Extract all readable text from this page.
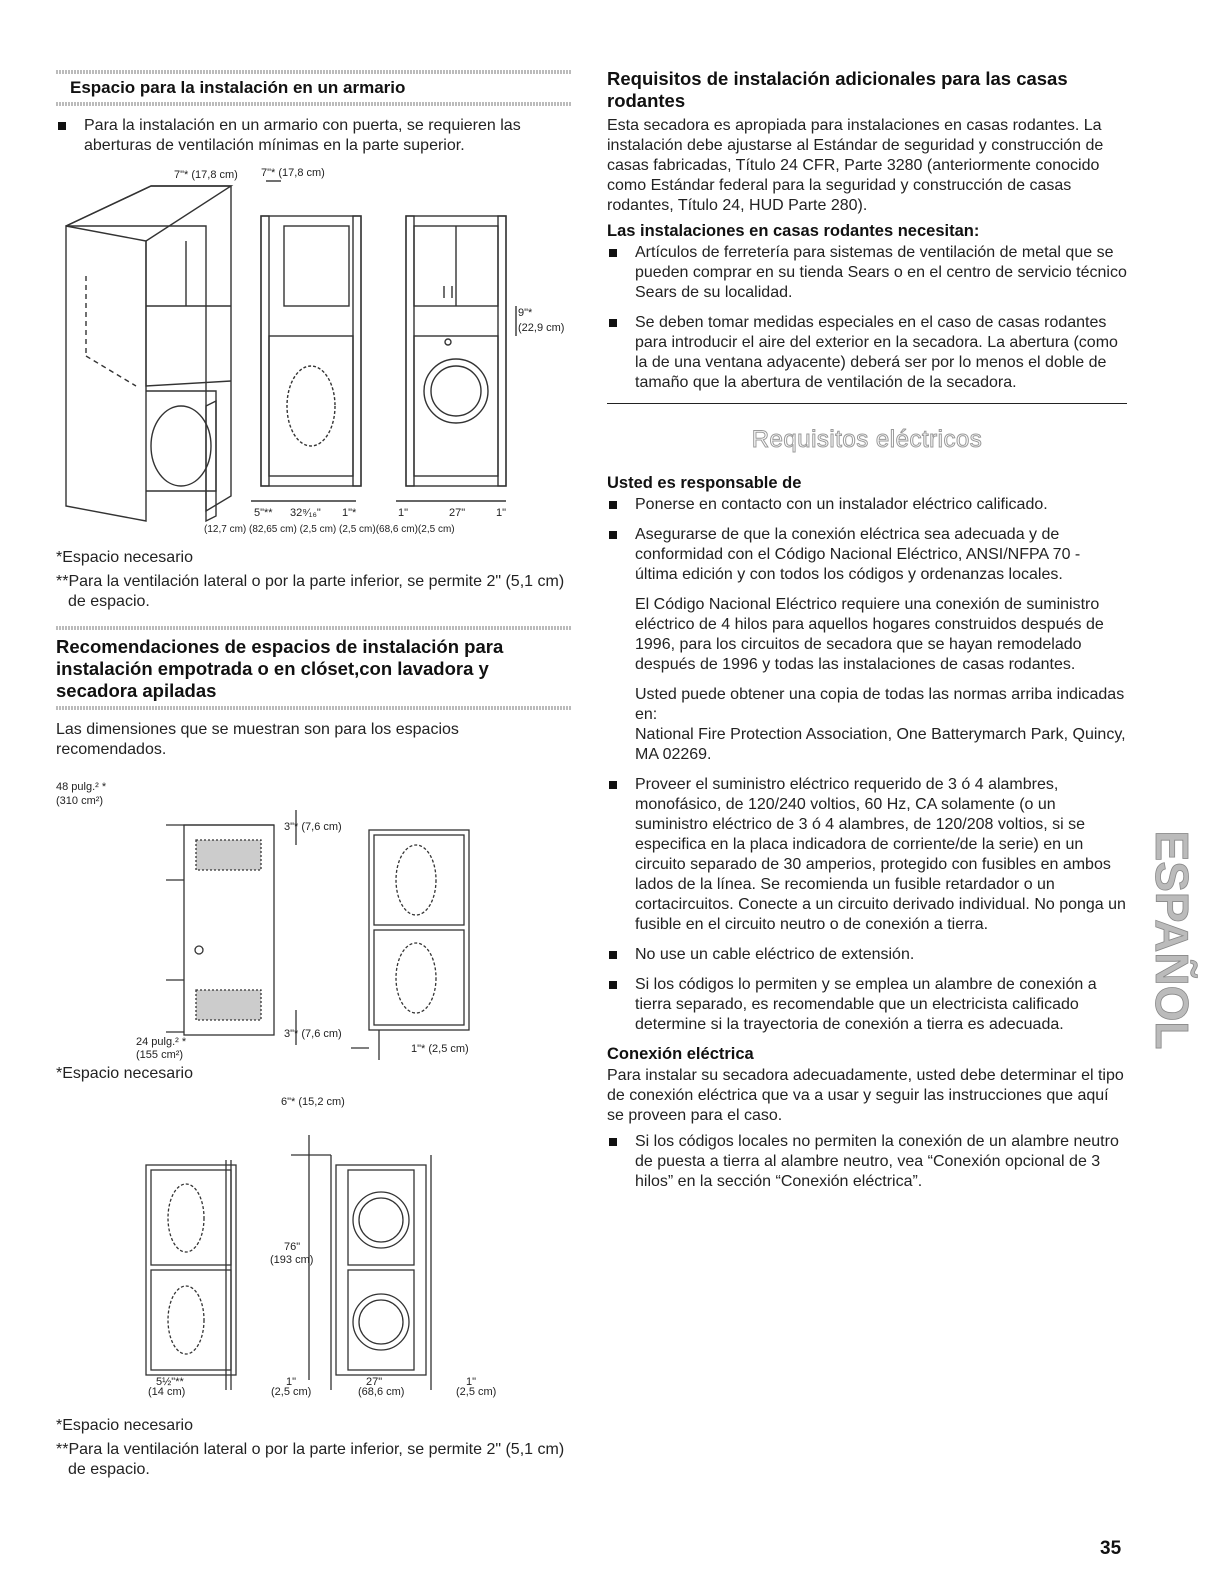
Espacio para la instalación en un armario
Para la instalación en un armario con puerta, se requieren las aberturas de ventilación mínimas en la parte superior.
7"* (17,8 cm) 7"* (17,8 cm)
9"*
(22,9 cm)
5"** 32⁹⁄₁₆" 1"*	1"	27"	1"
(12,7 cm) (82,65 cm) (2,5 cm) (2,5 cm)(68,6 cm)(2,5 cm)
*Espacio necesario
**Para la ventilación lateral o por la parte inferior, se permite 2" (5,1 cm) de espacio.
Recomendaciones de espacios de instalación para instalación empotrada o en clóset,con lavadora y secadora apiladas

Las dimensiones que se muestran son para los espacios recomendados.

48 pulg.² *
(310 cm²)
3"* (7,6 cm)
3"* (7,6 cm)
24 pulg.² *
(155 cm²)	1"* (2,5 cm)
*Espacio necesario
6"* (15,2 cm)
76"
(193 cm)
5½"**	1"	27"	1"
(14 cm)	(2,5 cm)	(68,6 cm)	(2,5 cm)
*Espacio necesario
**Para la ventilación lateral o por la parte inferior, se permite 2" (5,1 cm) de espacio.
Requisitos de instalación adicionales para las casas rodantes

Esta secadora es apropiada para instalaciones en casas rodantes. La instalación debe ajustarse al Estándar de seguridad y construcción de casas fabricadas, Título 24 CFR, Parte 3280 (anteriormente conocido como Estándar federal para la seguridad y construcción de casas rodantes, Título 24, HUD Parte 280).

Las instalaciones en casas rodantes necesitan:
Artículos de ferretería para sistemas de ventilación de metal que se pueden comprar en su tienda Sears o en el centro de servicio técnico Sears de su localidad.
Se deben tomar medidas especiales en el caso de casas rodantes para introducir el aire del exterior en la secadora. La abertura (como la de una ventana adyacente) deberá ser por lo menos el doble de tamaño que la abertura de ventilación de la secadora.
Requisitos eléctricos
Usted es responsable de
Ponerse en contacto con un instalador eléctrico calificado.
Asegurarse de que la conexión eléctrica sea adecuada y de conformidad con el Código Nacional Eléctrico, ANSI/NFPA 70 - última edición y con todos los códigos y ordenanzas locales.
El Código Nacional Eléctrico requiere una conexión de suministro eléctrico de 4 hilos para aquellos hogares construidos después de 1996, para los circuitos de secadora que se hayan remodelado después de 1996 y todas las instalaciones de casas rodantes.
Usted puede obtener una copia de todas las normas arriba indicadas en:
National Fire Protection Association, One Batterymarch Park, Quincy, MA 02269.
Proveer el suministro eléctrico requerido de 3 ó 4 alambres, monofásico, de 120/240 voltios, 60 Hz, CA solamente (o un suministro eléctrico de 3 ó 4 alambres, de 120/208 voltios, si se especifica en la placa indicadora de corriente/de la serie) en un circuito separado de 30 amperios, protegido con fusibles en ambos lados de la línea. Se recomienda un fusible retardador o un cortacircuitos. Conecte a un circuito derivado individual. No ponga un fusible en el circuito neutro o de conexión a tierra.
No use un cable eléctrico de extensión.
Si los códigos lo permiten y se emplea un alambre de conexión a tierra separado, es recomendable que un electricista calificado determine si la trayectoria de conexión a tierra es adecuada.
Conexión eléctrica

Para instalar su secadora adecuadamente, usted debe determinar el tipo de conexión eléctrica que va a usar y seguir las instrucciones que aquí se proveen para el caso.

Si los códigos locales no permiten la conexión de un alambre neutro de puesta a tierra al alambre neutro, vea “Conexión opcional de 3 hilos” en la sección “Conexión eléctrica”.
ESPAÑOL
35
